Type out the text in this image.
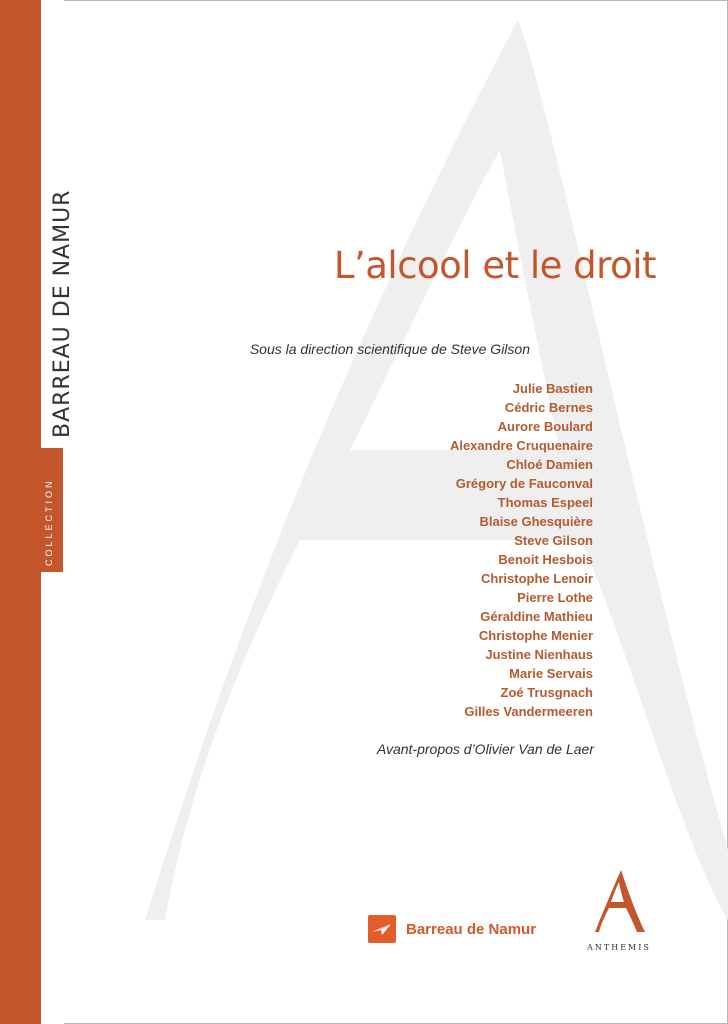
COLLECTION
BARREAU DE NAMUR	L’alcool et le droit
Sous la direction scientifique de Steve Gilson
Julie Bastien
Cédric Bernes
Aurore Boulard
Alexandre Cruquenaire
Chloé Damien
Grégory de Fauconval
Thomas Espeel
Blaise Ghesquière
Steve Gilson
Benoit Hesbois
Christophe Lenoir
Pierre Lothe
Géraldine Mathieu
Christophe Menier
Justine Nienhaus
Marie Servais
Zoé Trusgnach
Gilles Vandermeeren
Avant-propos d’Olivier Van de Laer
Barreau de Namur
ANTHEMIS
